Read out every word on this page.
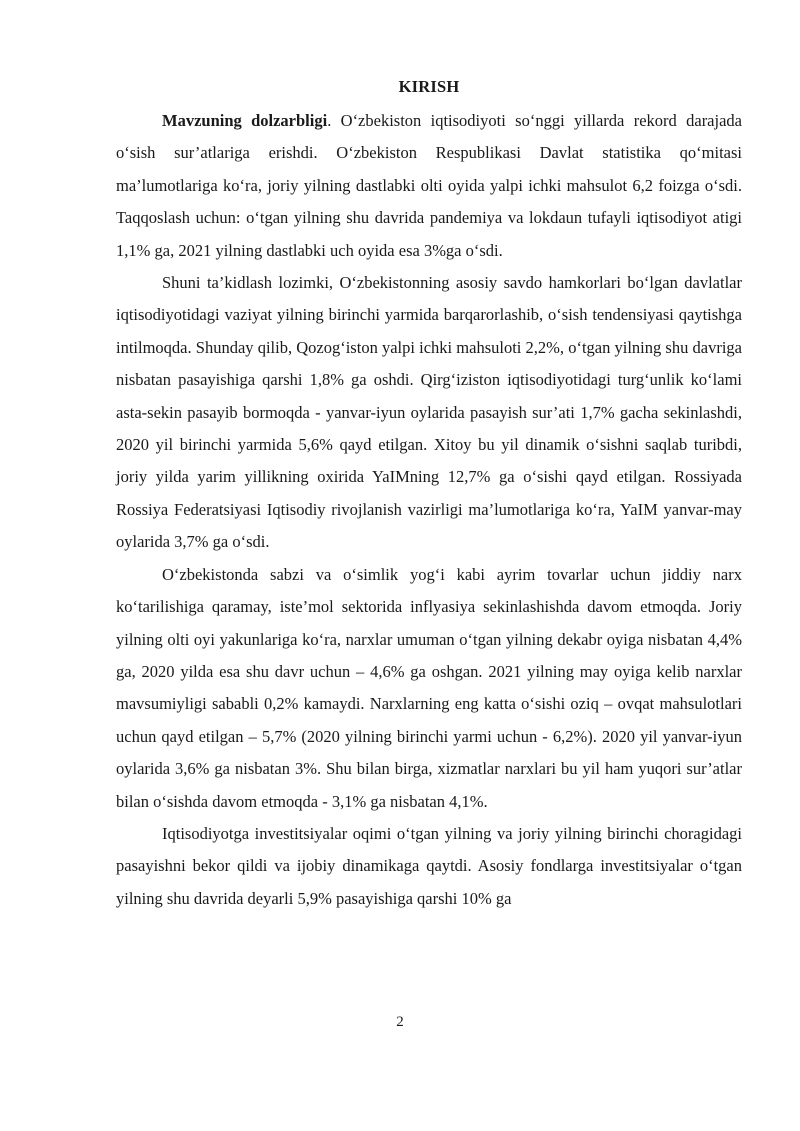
KIRISH

Mavzuning dolzarbligi. O‘zbekiston iqtisodiyoti so‘nggi yillarda rekord darajada o‘sish sur’atlariga erishdi. O‘zbekiston Respublikasi Davlat statistika qo‘mitasi ma’lumotlariga ko‘ra, joriy yilning dastlabki olti oyida yalpi ichki mahsulot 6,2 foizga o‘sdi. Taqqoslash uchun: o‘tgan yilning shu davrida pandemiya va lokdaun tufayli iqtisodiyot atigi 1,1% ga, 2021 yilning dastlabki uch oyida esa 3%ga o‘sdi.

Shuni ta’kidlash lozimki, O‘zbekistonning asosiy savdo hamkorlari bo‘lgan davlatlar iqtisodiyotidagi vaziyat yilning birinchi yarmida barqarorlashib, o‘sish tendensiyasi qaytishga intilmoqda. Shunday qilib, Qozog‘iston yalpi ichki mahsuloti 2,2%, o‘tgan yilning shu davriga nisbatan pasayishiga qarshi 1,8% ga oshdi. Qirg‘iziston iqtisodiyotidagi turg‘unlik ko‘lami asta-sekin pasayib bormoqda - yanvar-iyun oylarida pasayish sur’ati 1,7% gacha sekinlashdi, 2020 yil birinchi yarmida 5,6% qayd etilgan. Xitoy bu yil dinamik o‘sishni saqlab turibdi, joriy yilda yarim yillikning oxirida YaIMning 12,7% ga o‘sishi qayd etilgan. Rossiyada Rossiya Federatsiyasi Iqtisodiy rivojlanish vazirligi ma’lumotlariga ko‘ra, YaIM yanvar-may oylarida 3,7% ga o‘sdi.

O‘zbekistonda sabzi va o‘simlik yog‘i kabi ayrim tovarlar uchun jiddiy narx ko‘tarilishiga qaramay, iste’mol sektorida inflyasiya sekinlashishda davom etmoqda. Joriy yilning olti oyi yakunlariga ko‘ra, narxlar umuman o‘tgan yilning dekabr oyiga nisbatan 4,4% ga, 2020 yilda esa shu davr uchun – 4,6% ga oshgan. 2021 yilning may oyiga kelib narxlar mavsumiyligi sababli 0,2% kamaydi. Narxlarning eng katta o‘sishi oziq – ovqat mahsulotlari uchun qayd etilgan – 5,7% (2020 yilning birinchi yarmi uchun - 6,2%). 2020 yil yanvar-iyun oylarida 3,6% ga nisbatan 3%. Shu bilan birga, xizmatlar narxlari bu yil ham yuqori sur’atlar bilan o‘sishda davom etmoqda - 3,1% ga nisbatan 4,1%.

Iqtisodiyotga investitsiyalar oqimi o‘tgan yilning va joriy yilning birinchi choragidagi pasayishni bekor qildi va ijobiy dinamikaga qaytdi. Asosiy fondlarga investitsiyalar o‘tgan yilning shu davrida deyarli 5,9% pasayishiga qarshi 10% ga

2
